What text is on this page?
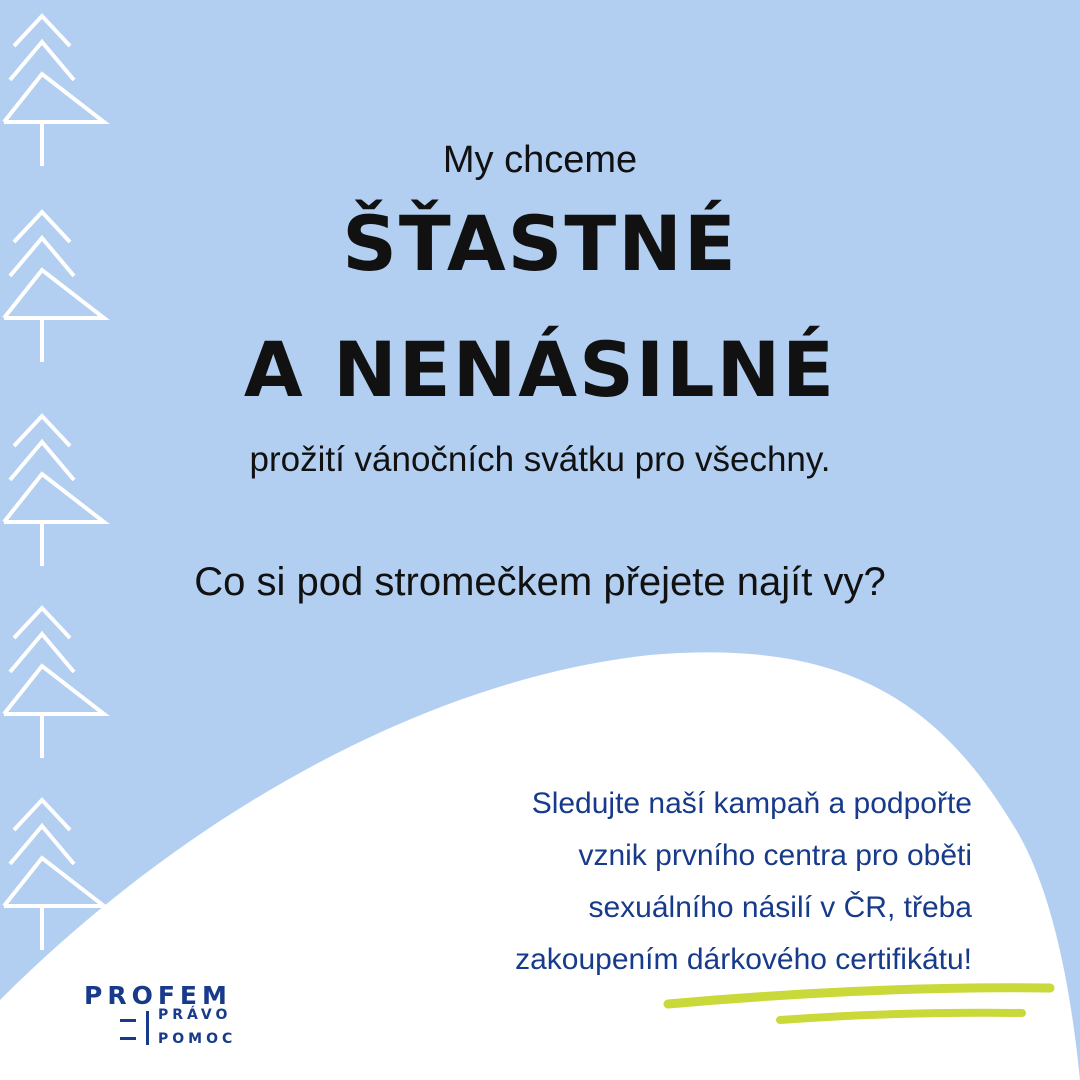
My chceme

ŠŤASTNÉ

A NENÁSILNÉ

prožití vánočních svátku pro všechny.

Co si pod stromečkem přejete najít vy?

Sledujte naší kampaň a podpořte
vznik prvního centra pro oběti
sexuálního násilí v ČR, třeba
zakoupením dárkového certifikátu!
PROFEM
PRÁVO
POMOC
